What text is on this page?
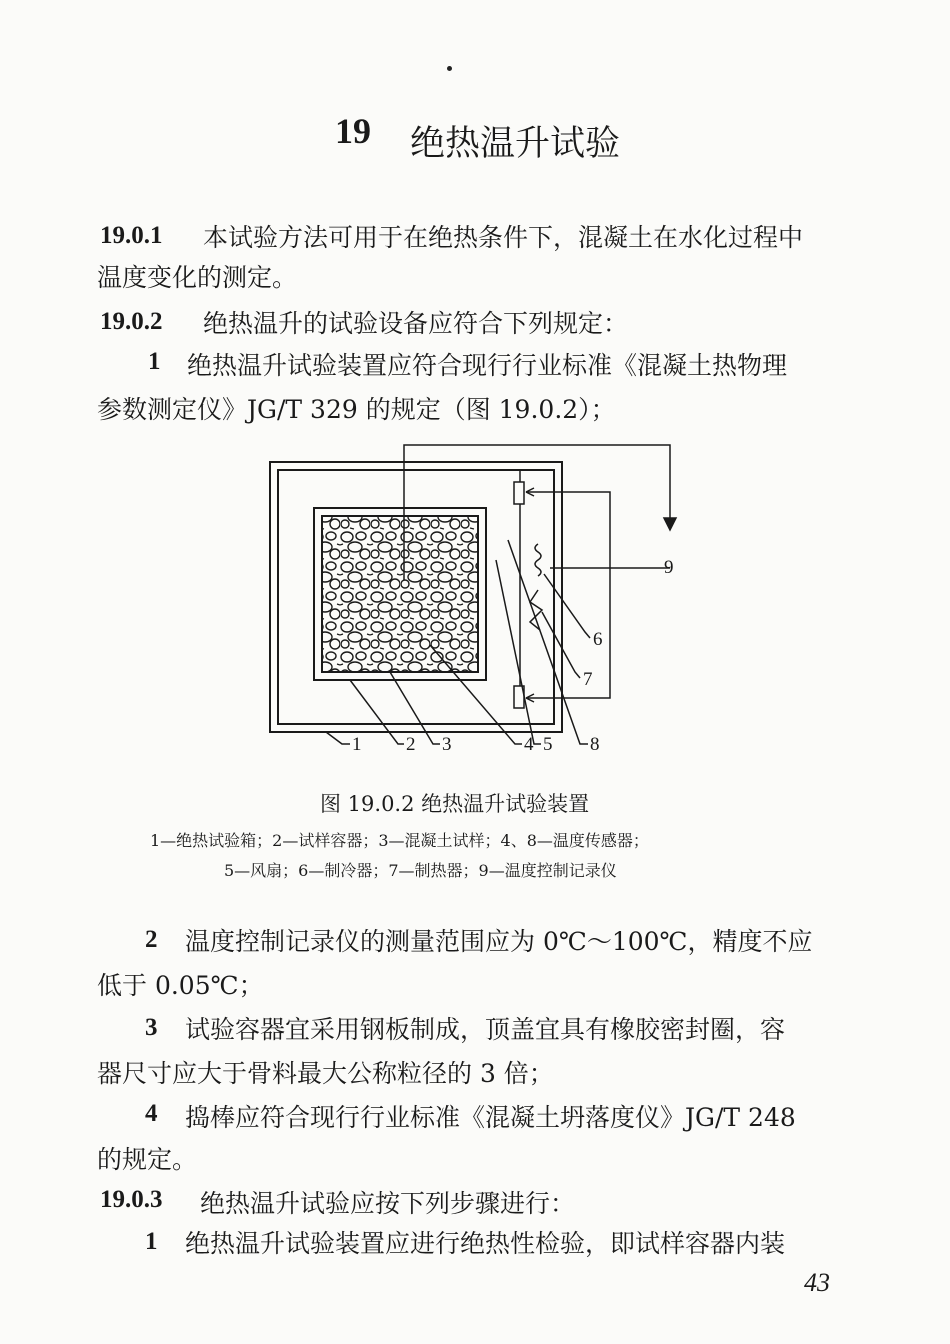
19 绝热温升试验
19.0.1 本试验方法可用于在绝热条件下，混凝土在水化过程中
温度变化的测定。
19.0.2 绝热温升的试验设备应符合下列规定：
1 绝热温升试验装置应符合现行行业标准《混凝土热物理
参数测定仪》JG/T 329 的规定（图 19.0.2）；
1 2 3	4 5 8
9
6
7
图 19.0.2 绝热温升试验装置
1—绝热试验箱；2—试样容器；3—混凝土试样；4、8—温度传感器；
5—风扇；6—制冷器；7—制热器；9—温度控制记录仪
2 温度控制记录仪的测量范围应为 0℃～100℃，精度不应
低于 0.05℃；
3 试验容器宜采用钢板制成，顶盖宜具有橡胶密封圈，容
器尺寸应大于骨料最大公称粒径的 3 倍；
4 捣棒应符合现行行业标准《混凝土坍落度仪》JG/T 248
的规定。
19.0.3 绝热温升试验应按下列步骤进行：
1 绝热温升试验装置应进行绝热性检验，即试样容器内装
43
